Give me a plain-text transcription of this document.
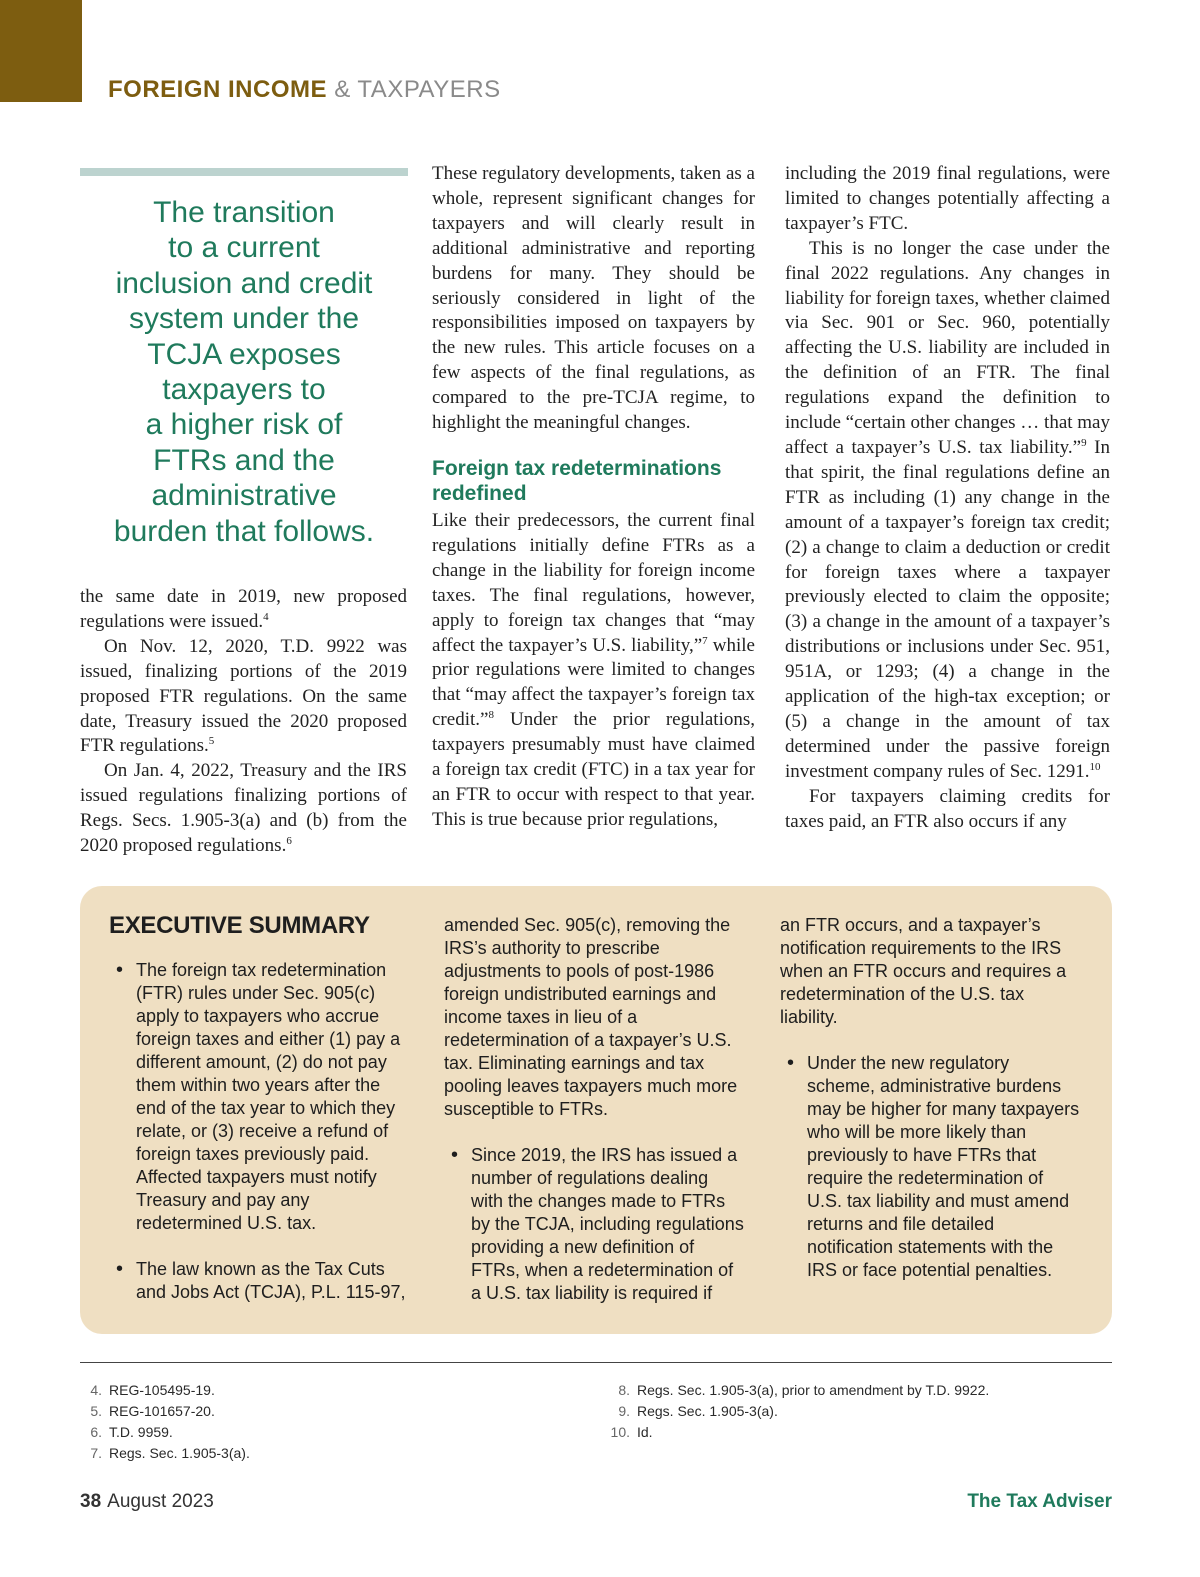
FOREIGN INCOME & TAXPAYERS
The transition
to a current
inclusion and credit
system under the
TCJA exposes
taxpayers to
a higher risk of
FTRs and the
administrative
burden that follows.

the same date in 2019, new proposed regulations were issued.$^4$

On Nov. 12, 2020, T.D. 9922 was issued, finalizing portions of the 2019 proposed FTR regulations. On the same date, Treasury issued the 2020 proposed FTR regulations.$^5$

On Jan. 4, 2022, Treasury and the IRS issued regulations finalizing portions of Regs. Secs. 1.905-3(a) and (b) from the 2020 proposed regulations.$^6$

These regulatory developments, taken as a whole, represent significant changes for taxpayers and will clearly result in additional administrative and reporting burdens for many. They should be seriously considered in light of the responsibilities imposed on taxpayers by the new rules. This article focuses on a few aspects of the final regulations, as compared to the pre-TCJA regime, to highlight the meaningful changes.

Foreign tax redeterminations redefined

Like their predecessors, the current final regulations initially define FTRs as a change in the liability for foreign income taxes. The final regulations, however, apply to foreign tax changes that “may affect the taxpayer’s U.S. liability,”$^7$ while prior regulations were limited to changes that “may affect the taxpayer’s foreign tax credit.”$^8$ Under the prior regulations, taxpayers presumably must have claimed a foreign tax credit (FTC) in a tax year for an FTR to occur with respect to that year. This is true because prior regulations,

including the 2019 final regulations, were limited to changes potentially affecting a taxpayer’s FTC.

This is no longer the case under the final 2022 regulations. Any changes in liability for foreign taxes, whether claimed via Sec. 901 or Sec. 960, potentially affecting the U.S. liability are included in the definition of an FTR. The final regulations expand the definition to include “certain other changes … that may affect a taxpayer’s U.S. tax liability.”$^9$ In that spirit, the final regulations define an FTR as including (1) any change in the amount of a taxpayer’s foreign tax credit; (2) a change to claim a deduction or credit for foreign taxes where a taxpayer previously elected to claim the opposite; (3) a change in the amount of a taxpayer’s distributions or inclusions under Sec. 951, 951A, or 1293; (4) a change in the application of the high-tax exception; or (5) a change in the amount of tax determined under the passive foreign investment company rules of Sec. 1291.10

For taxpayers claiming credits for taxes paid, an FTR also occurs if any

EXECUTIVE SUMMARY
• The foreign tax redetermination (FTR) rules under Sec. 905(c) apply to taxpayers who accrue foreign taxes and either (1) pay a different amount, (2) do not pay them within two years after the end of the tax year to which they relate, or (3) receive a refund of foreign taxes previously paid. Affected taxpayers must notify Treasury and pay any redetermined U.S. tax.
• The law known as the Tax Cuts and Jobs Act (TCJA), P.L. 115-97,
amended Sec. 905(c), removing the IRS’s authority to prescribe adjustments to pools of post-1986 foreign undistributed earnings and income taxes in lieu of a redetermination of a taxpayer’s U.S. tax. Eliminating earnings and tax pooling leaves taxpayers much more susceptible to FTRs.
• Since 2019, the IRS has issued a number of regulations dealing with the changes made to FTRs by the TCJA, including regulations providing a new definition of FTRs, when a redetermination of a U.S. tax liability is required if
an FTR occurs, and a taxpayer’s notification requirements to the IRS when an FTR occurs and requires a redetermination of the U.S. tax liability.
• Under the new regulatory scheme, administrative burdens may be higher for many taxpayers who will be more likely than previously to have FTRs that require the redetermination of U.S. tax liability and must amend returns and file detailed notification statements with the IRS or face potential penalties.
4. REG-105495-19.
5. REG-101657-20.
6. T.D. 9959.
7. Regs. Sec. 1.905-3(a).
8. Regs. Sec. 1.905-3(a), prior to amendment by T.D. 9922.
9. Regs. Sec. 1.905-3(a).
10. Id.
38 August 2023	The Tax Adviser
